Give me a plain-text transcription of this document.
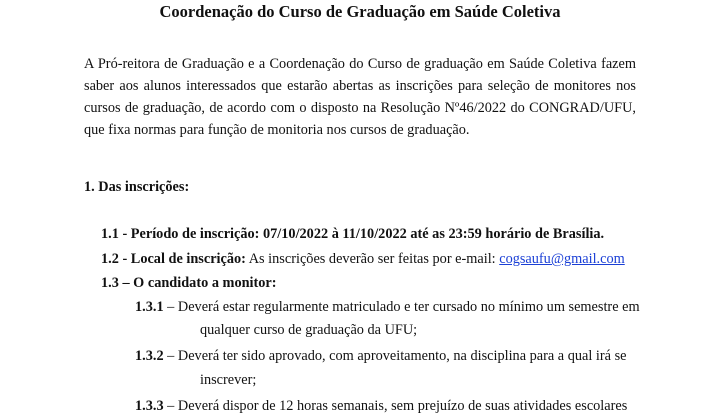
Coordenação do Curso de Graduação em Saúde Coletiva

A Pró-reitora de Graduação e a Coordenação do Curso de graduação em Saúde Coletiva fazem saber aos alunos interessados que estarão abertas as inscrições para seleção de monitores nos cursos de graduação, de acordo com o disposto na Resolução Nº46/2022 do CONGRAD/UFU, que fixa normas para função de monitoria nos cursos de graduação.

1. Das inscrições:
1.1 - Período de inscrição: 07/10/2022 à 11/10/2022 até as 23:59 horário de Brasília.
1.2 - Local de inscrição: As inscrições deverão ser feitas por e-mail: cogsaufu@gmail.com
1.3 – O candidato a monitor:
1.3.1 – Deverá estar regularmente matriculado e ter cursado no mínimo um semestre em
qualquer curso de graduação da UFU;
1.3.2 – Deverá ter sido aprovado, com aproveitamento, na disciplina para a qual irá se
inscrever;
1.3.3 – Deverá dispor de 12 horas semanais, sem prejuízo de suas atividades escolares
